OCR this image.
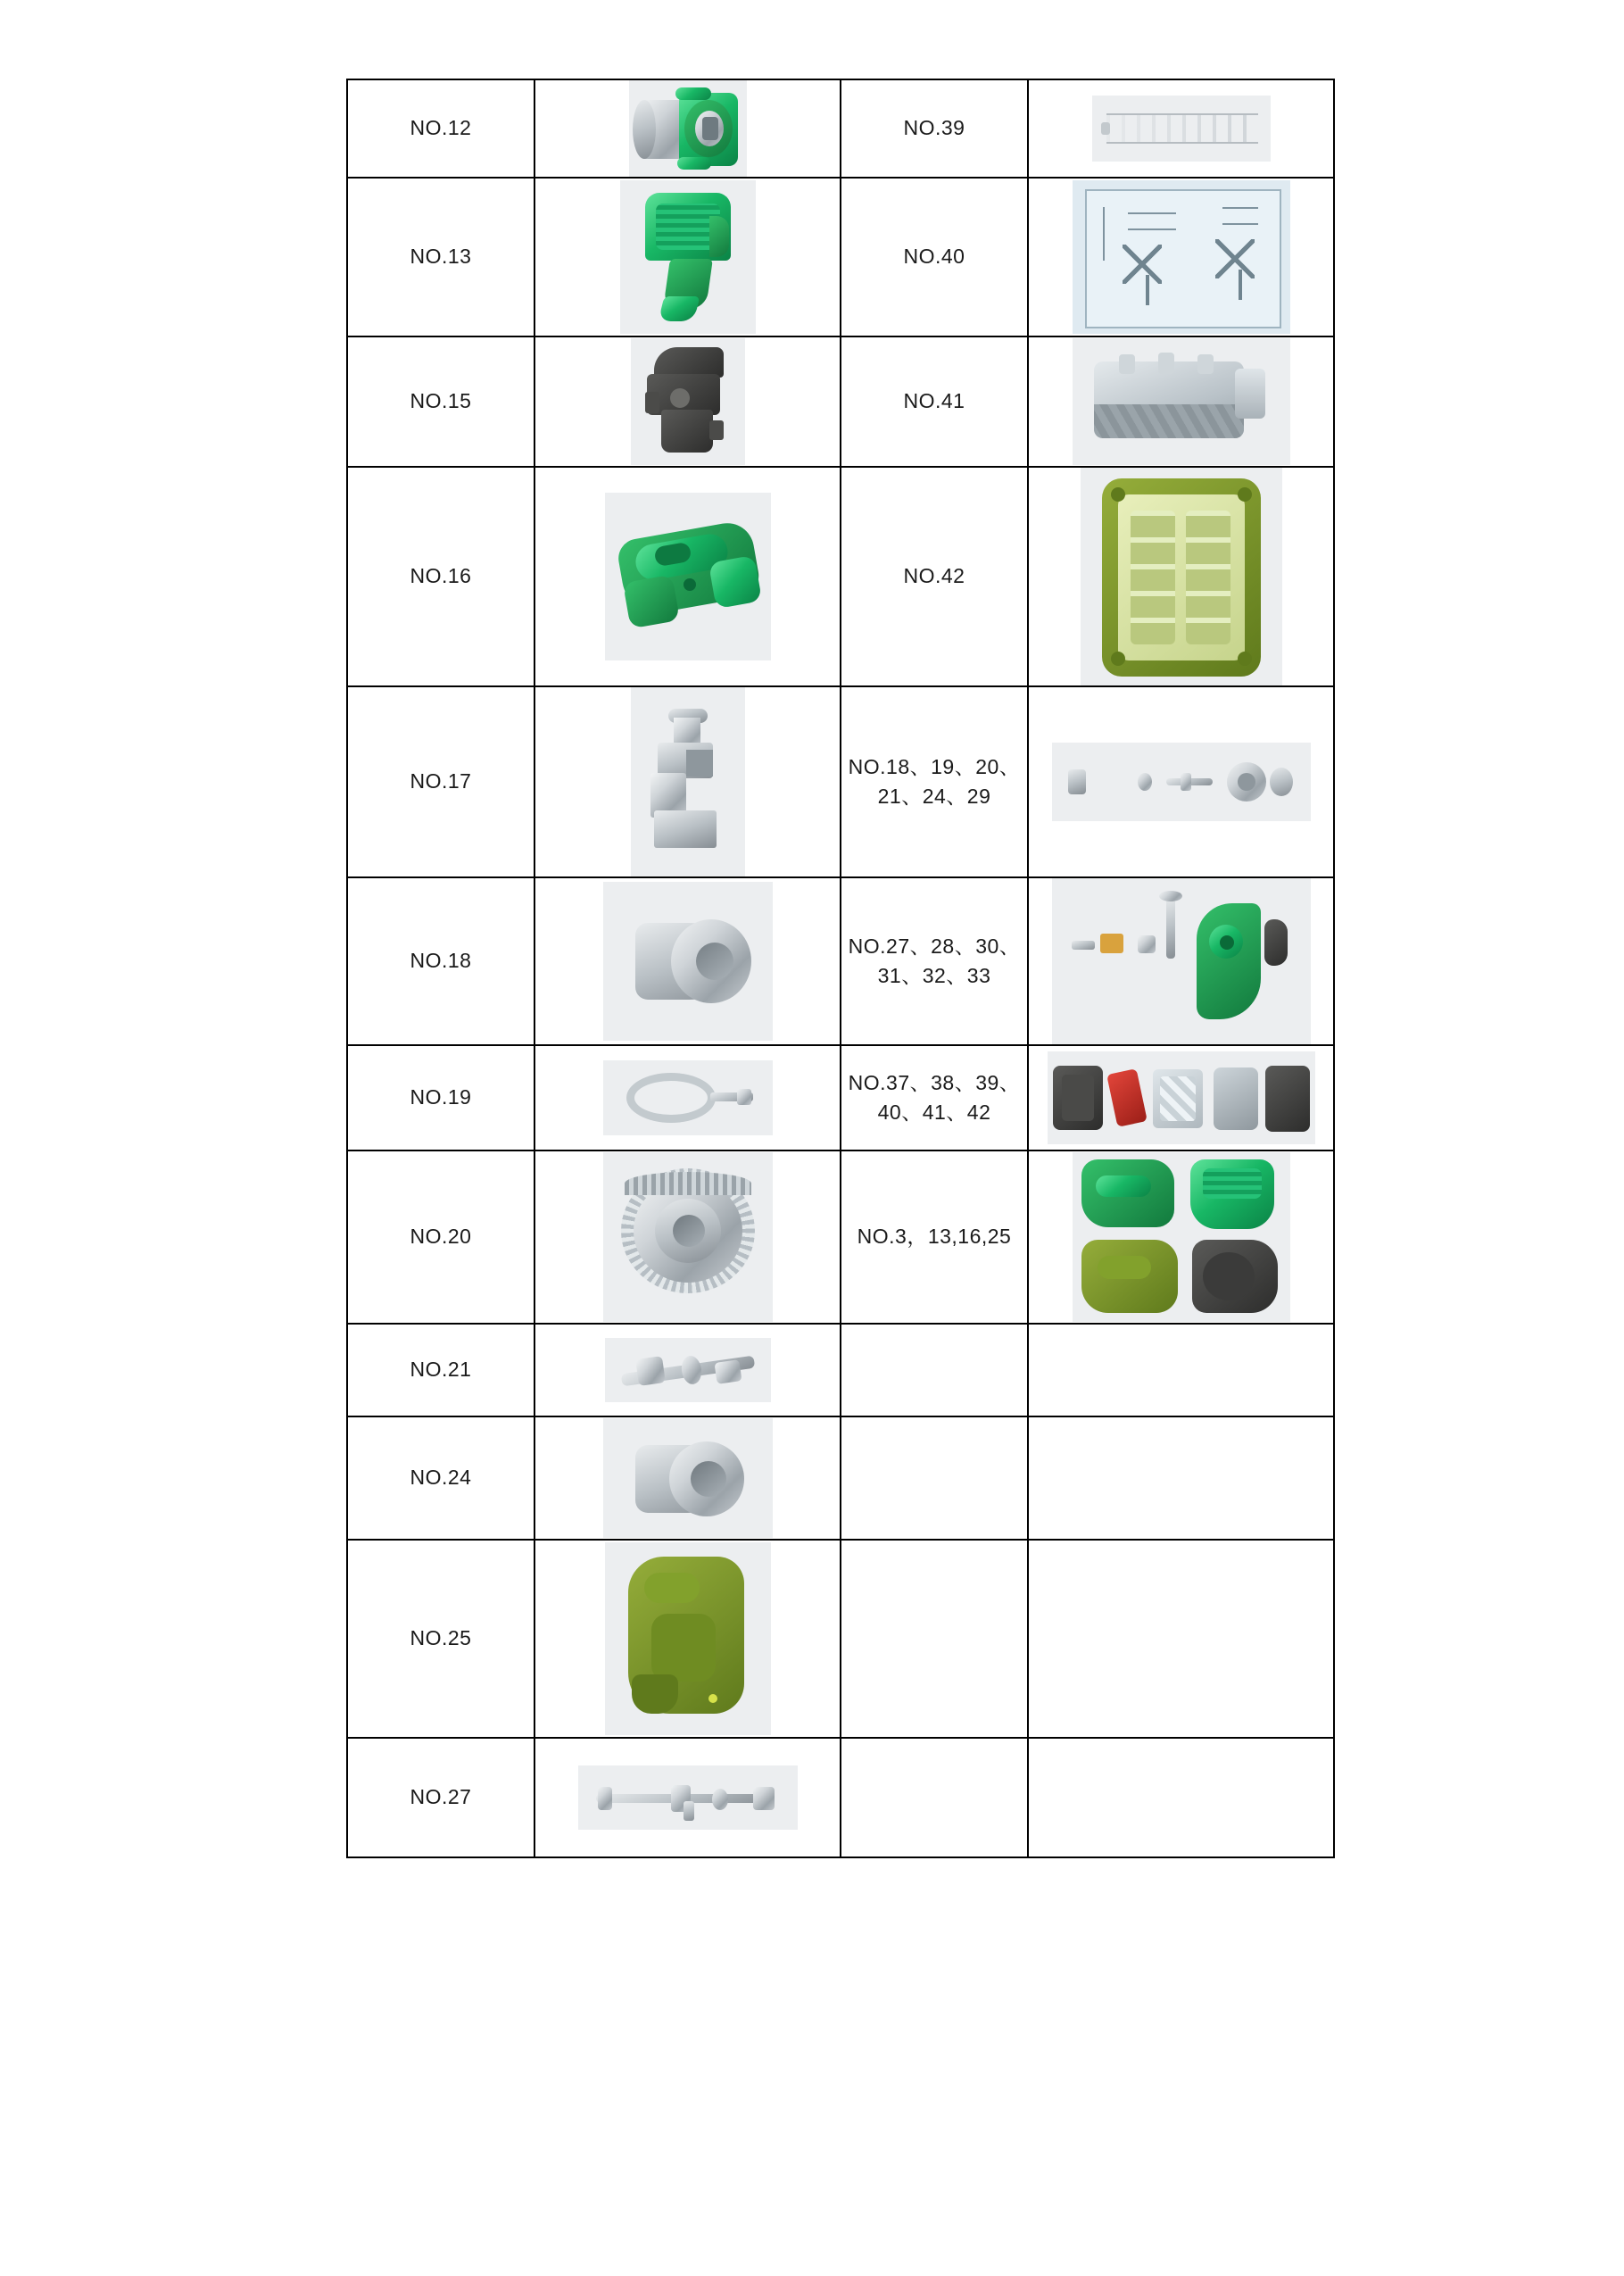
NO.12		NO.39	

NO.13		NO.40	

NO.15		NO.41	

NO.16		NO.42	

NO.17		NO.18、19、20、21、24、29	

NO.18		NO.27、28、30、31、32、33	

NO.19		NO.37、38、39、40、41、42	

NO.20		NO.3，13,16,25	

NO.21	

NO.24	

NO.25	

NO.27	
